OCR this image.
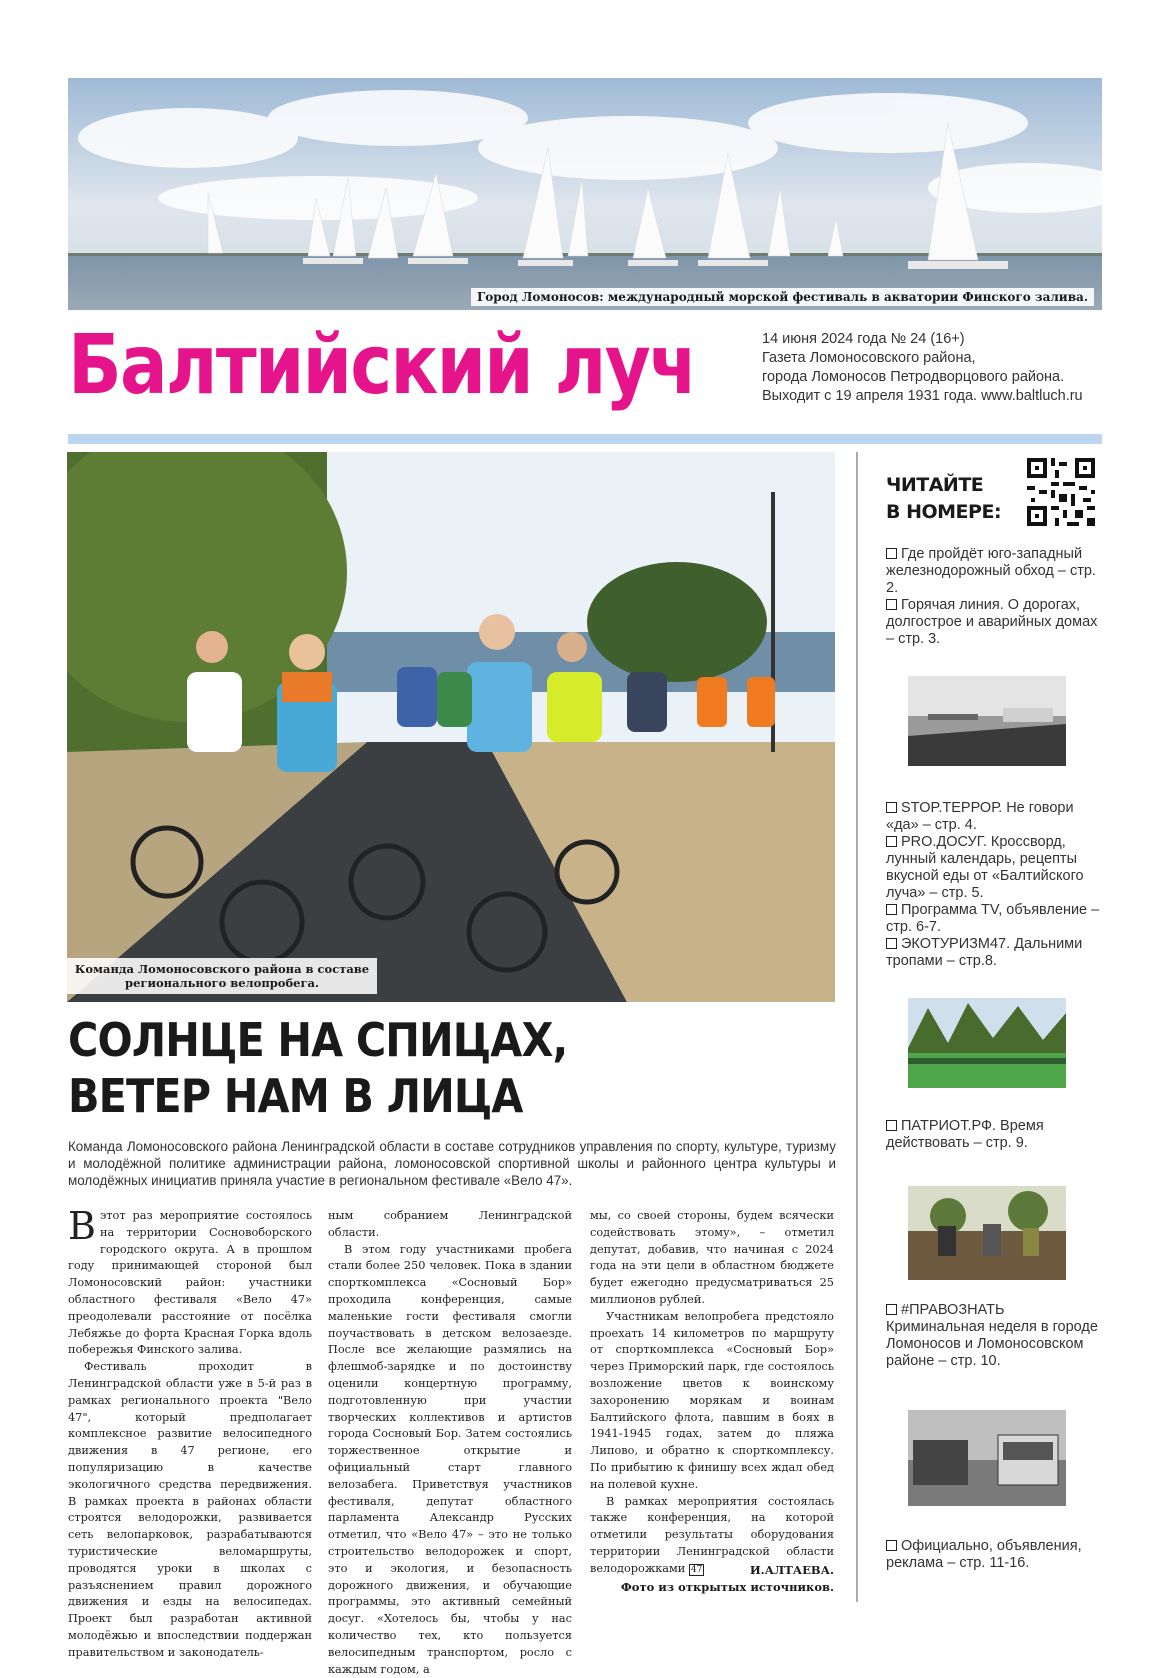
Город Ломоносов: международный морской фестиваль в акватории Финского залива.
Балтийский луч	14 июня 2024 года № 24 (16+)
Газета Ломоносовского района,
города Ломоносов Петродворцового района.
Выходит с 19 апреля 1931 года. www.baltluch.ru
Команда Ломоносовского района в составе
регионального велопробега.
СОЛНЦЕ НА СПИЦАХ,
ВЕТЕР НАМ В ЛИЦА
Команда Ломоносовского района Ленинградской области в составе сотрудников управления по спорту, культуре, туризму и молодёжной политике администрации района, ломоносовской спортивной школы и районного центра культуры и молодёжных инициатив приняла участие в региональном фестивале «Вело 47».

Вэтот раз мероприятие состоялось на территории Сосновоборского городского округа. А в прошлом году принимающей стороной был Ломоносовский район: участники областного фестиваля «Вело 47» преодолевали расстояние от посёлка Лебяжье до форта Красная Горка вдоль побережья Финского залива.

Фестиваль проходит в Ленинградской области уже в 5-й раз в рамках регионального проекта "Вело 47", который предполагает комплексное развитие велосипедного движения в 47 регионе, его популяризацию в качестве экологичного средства передвижения. В рамках проекта в районах области строятся велодорожки, развивается сеть велопарковок, разрабатываются туристические веломаршруты, проводятся уроки в школах с разъяснением правил дорожного движения и езды на велосипедах. Проект был разработан активной молодёжью и впоследствии поддержан правительством и законодатель-

ным собранием Ленинградской области.

В этом году участниками пробега стали более 250 человек. Пока в здании спорткомплекса «Сосновый Бор» проходила конференция, самые маленькие гости фестиваля смогли поучаствовать в детском велозаезде. После все желающие размялись на флешмоб-зарядке и по достоинству оценили концертную программу, подготовленную при участии творческих коллективов и артистов города Сосновый Бор. Затем состоялись торжественное открытие и официальный старт главного велозабега. Приветствуя участников фестиваля, депутат областного парламента Александр Русских отметил, что «Вело 47» – это не только строительство велодорожек и спорт, это и экология, и безопасность дорожного движения, и обучающие программы, это активный семейный досуг. «Хотелось бы, чтобы у нас количество тех, кто пользуется велосипедным транспортом, росло с каждым годом, а

мы, со своей стороны, будем всячески содействовать этому», – отметил депутат, добавив, что начиная с 2024 года на эти цели в областном бюджете будет ежегодно предусматриваться 25 миллионов рублей.

Участникам велопробега предстояло проехать 14 километров по маршруту от спорткомплекса «Сосновый Бор» через Приморский парк, где состоялось возложение цветов к воинскому захоронению морякам и воинам Балтийского флота, павшим в боях в 1941-1945 годах, затем до пляжа Липово, и обратно к спорткомплексу. По прибытию к финишу всех ждал обед на полевой кухне.

В рамках мероприятия состоялась также конференция, на которой отметили результаты оборудования территории Ленинградской области велодорожками 47	И.АЛТАЕВА.
Фото из открытых источников.
ЧИТАЙТЕ
В НОМЕРЕ:
Где пройдёт юго-западный железнодорожный обход – стр. 2.
Горячая линия. О дорогах, долгострое и аварийных домах – стр. 3.
STOP.ТЕРРОР. Не говори «да» – стр. 4.
PRO.ДОСУГ. Кроссворд, лунный календарь, рецепты вкусной еды от «Балтийского луча» – стр. 5.
Программа TV, объявление – стр. 6-7.
ЭКОТУРИЗМ47. Дальними тропами – стр.8.
ПАТРИОТ.РФ. Время действовать – стр. 9.
#ПРАВОЗНАТЬ Криминальная неделя в городе Ломоносов и Ломоносовском районе – стр. 10.
Официально, объявления, реклама – стр. 11-16.
